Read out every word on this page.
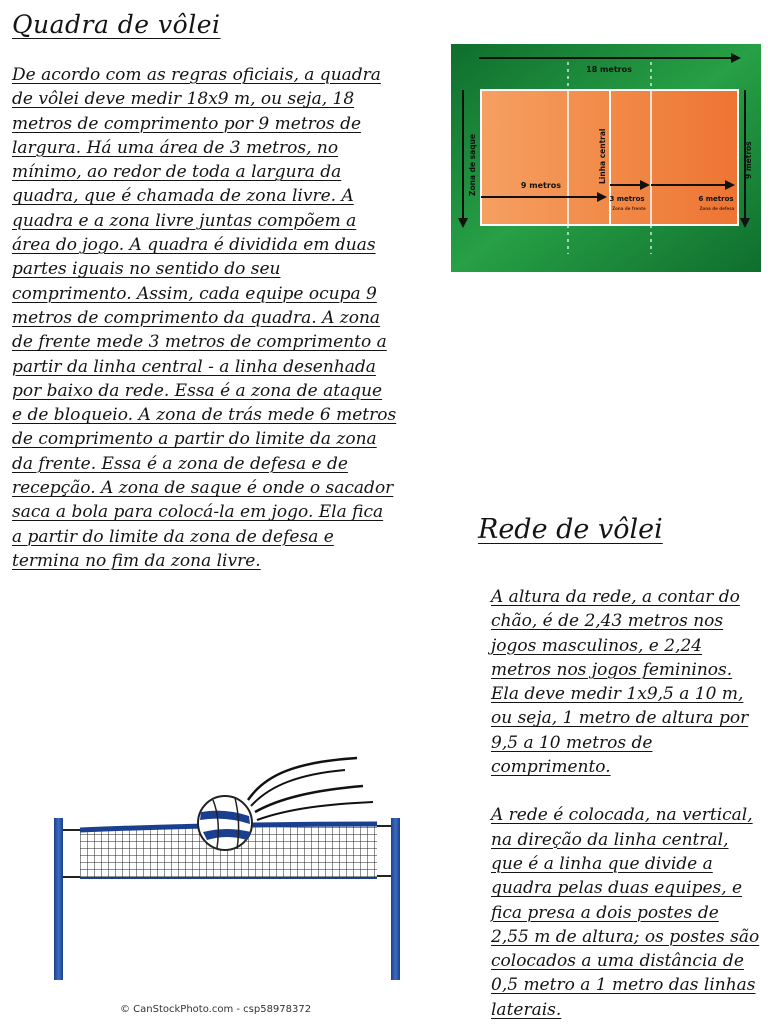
Quadra de vôlei
De acordo com as regras oficiais, a quadra de vôlei deve medir 18x9 m, ou seja, 18 metros de comprimento por 9 metros de largura. Há uma área de 3 metros, no mínimo, ao redor de toda a largura da quadra, que é chamada de zona livre. A quadra e a zona livre juntas compõem a área do jogo. A quadra é dividida em duas partes iguais no sentido do seu comprimento. Assim, cada equipe ocupa 9 metros de comprimento da quadra. A zona de frente mede 3 metros de comprimento a partir da linha central - a linha desenhada por baixo da rede. Essa é a zona de ataque e de bloqueio. A zona de trás mede 6 metros de comprimento a partir do limite da zona da frente. Essa é a zona de defesa e de recepção. A zona de saque é onde o sacador saca a bola para colocá-la em jogo. Ela fica a partir do limite da zona de defesa e termina no fim da zona livre.
18 metros
Zona de saque	9 metros
Linha central
9 metros
3 metros
Zona de frente
6 metros
Zona de defesa
© CanStockPhoto.com - csp58978372
Rede de vôlei

A altura da rede, a contar do chão, é de 2,43 metros nos jogos masculinos, e 2,24 metros nos jogos femininos. Ela deve medir 1x9,5 a 10 m, ou seja, 1 metro de altura por 9,5 a 10 metros de comprimento.

A rede é colocada, na vertical, na direção da linha central, que é a linha que divide a quadra pelas duas equipes, e fica presa a dois postes de 2,55 m de altura; os postes são colocados a uma distância de 0,5 metro a 1 metro das linhas laterais.
